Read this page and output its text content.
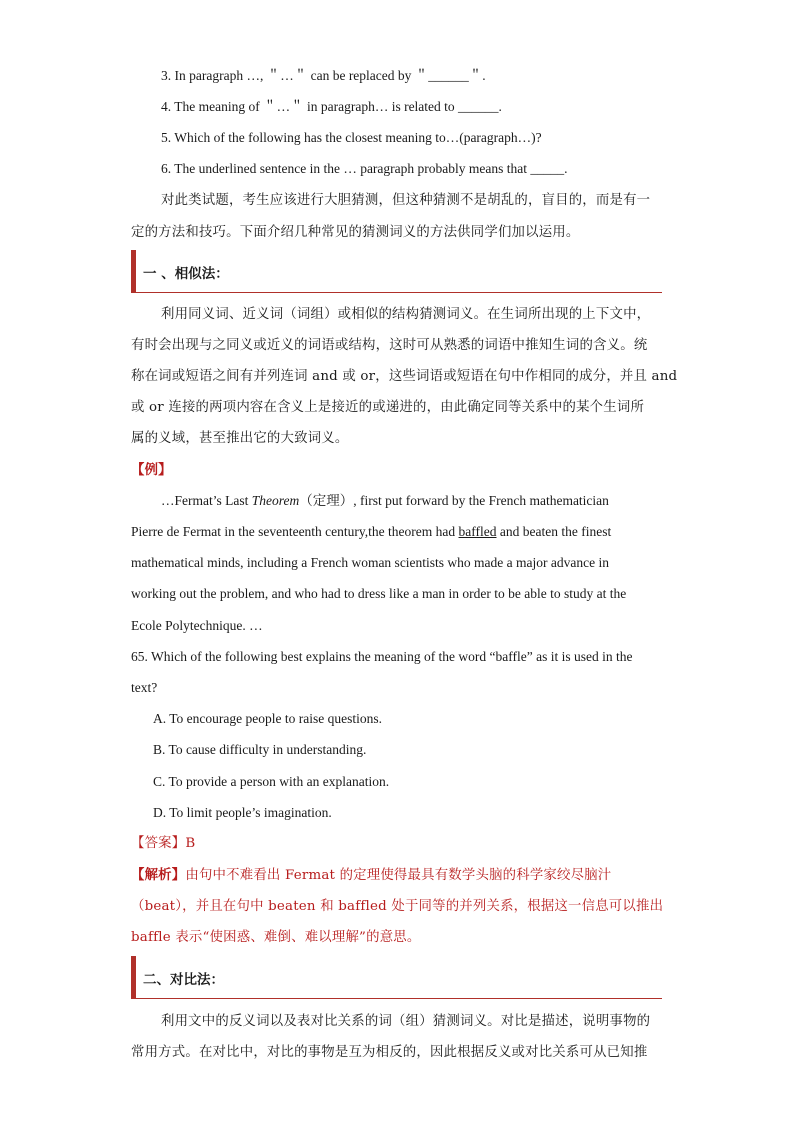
3. In paragraph …, ＂…＂ can be replaced by ＂______＂.
4. The meaning of ＂…＂ in paragraph… is related to ______.
5. Which of the following has the closest meaning to…(paragraph…)?
6. The underlined sentence in the … paragraph probably means that _____.
对此类试题，考生应该进行大胆猜测，但这种猜测不是胡乱的，盲目的，而是有一
定的方法和技巧。下面介绍几种常见的猜测词义的方法供同学们加以运用。
一 、相似法：
利用同义词、近义词（词组）或相似的结构猜测词义。在生词所出现的上下文中，
有时会出现与之同义或近义的词语或结构，这时可从熟悉的词语中推知生词的含义。统
称在词或短语之间有并列连词 and 或 or，这些词语或短语在句中作相同的成分，并且 and
或 or 连接的两项内容在含义上是接近的或递进的，由此确定同等关系中的某个生词所
属的义域，甚至推出它的大致词义。
【例】
…Fermat’s Last Theorem（定理）, first put forward by the French mathematician
Pierre de Fermat in the seventeenth century,the theorem had baffled and beaten the finest
mathematical minds, including a French woman scientists who made a major advance in
working out the problem, and who had to dress like a man in order to be able to study at the
Ecole Polytechnique. …
65. Which of the following best explains the meaning of the word “baffle” as it is used in the
text?
A. To encourage people to raise questions.
B. To cause difficulty in understanding.
C. To provide a person with an explanation.
D. To limit people’s imagination.
【答案】B
【解析】由句中不难看出 Fermat 的定理使得最具有数学头脑的科学家绞尽脑汁
（beat），并且在句中 beaten 和 baffled 处于同等的并列关系，根据这一信息可以推出
baffle 表示“使困惑、难倒、难以理解”的意思。
二、对比法：
利用文中的反义词以及表对比关系的词（组）猜测词义。对比是描述，说明事物的
常用方式。在对比中，对比的事物是互为相反的，因此根据反义或对比关系可从已知推
